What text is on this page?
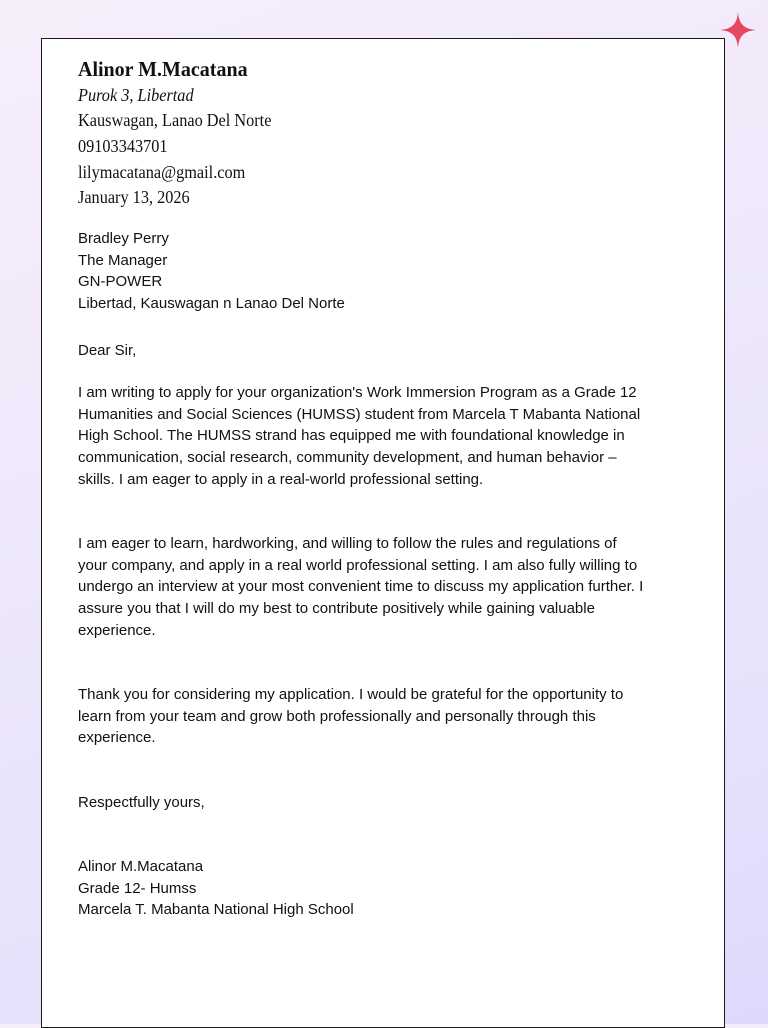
Alinor M.Macatana
Purok 3, Libertad
Kauswagan, Lanao Del Norte
09103343701
lilymacatana@gmail.com
January 13, 2026
Bradley Perry
The Manager
GN-POWER
Libertad, Kauswagan n Lanao Del Norte
Dear Sir,
I am writing to apply for your organization's Work Immersion Program as a Grade 12
Humanities and Social Sciences (HUMSS) student from Marcela T Mabanta National
High School. The HUMSS strand has equipped me with foundational knowledge in
communication, social research, community development, and human behavior –
skills. I am eager to apply in a real-world professional setting.
I am eager to learn, hardworking, and willing to follow the rules and regulations of
your company, and apply in a real world professional setting. I am also fully willing to
undergo an interview at your most convenient time to discuss my application further. I
assure you that I will do my best to contribute positively while gaining valuable
experience.
Thank you for considering my application. I would be grateful for the opportunity to
learn from your team and grow both professionally and personally through this
experience.
Respectfully yours,
Alinor M.Macatana
Grade 12- Humss
Marcela T. Mabanta National High School
